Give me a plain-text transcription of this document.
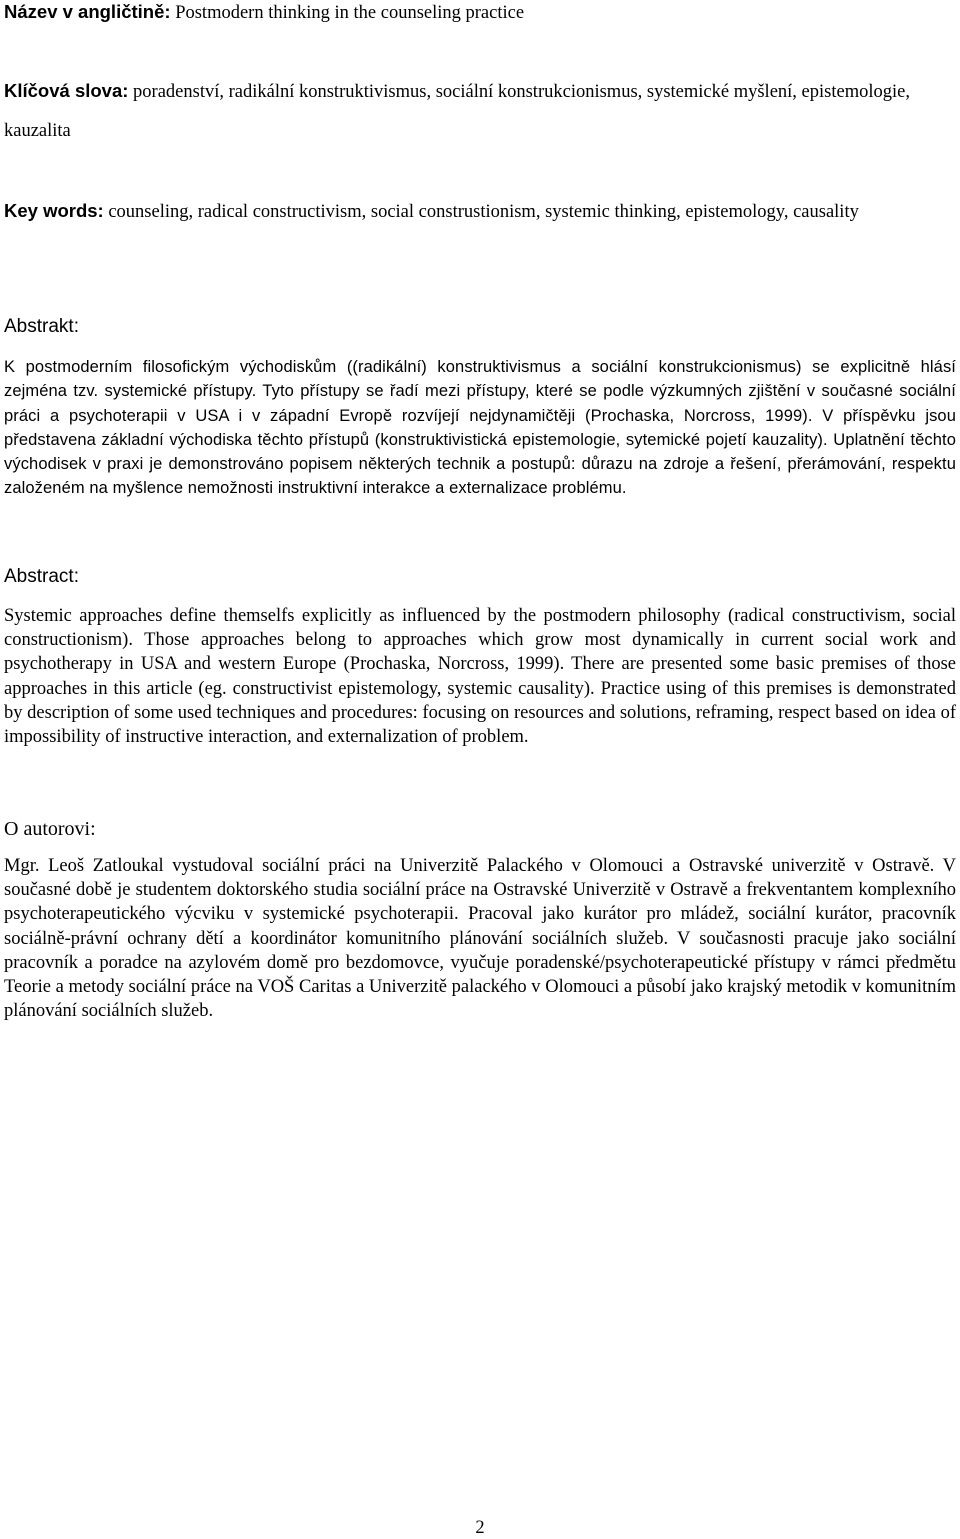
Název v angličtině: Postmodern thinking in the counseling practice

Klíčová slova: poradenství, radikální konstruktivismus, sociální konstrukcionismus, systemické myšlení, epistemologie, kauzalita

Key words: counseling, radical constructivism, social construstionism, systemic thinking, epistemology, causality

Abstrakt:

K postmoderním filosofickým východiskům ((radikální) konstruktivismus a sociální konstrukcionismus) se explicitně hlásí zejména tzv. systemické přístupy. Tyto přístupy se řadí mezi přístupy, které se podle výzkumných zjištění v současné sociální práci a psychoterapii v USA i v západní Evropě rozvíjejí nejdynamičtěji (Prochaska, Norcross, 1999). V příspěvku jsou představena základní východiska těchto přístupů (konstruktivistická epistemologie, sytemické pojetí kauzality). Uplatnění těchto východisek v praxi je demonstrováno popisem některých technik a postupů: důrazu na zdroje a řešení, přerámování, respektu založeném na myšlence nemožnosti instruktivní interakce a externalizace problému.

Abstract:

Systemic approaches define themselfs explicitly as influenced by the postmodern philosophy (radical constructivism, social constructionism). Those approaches belong to approaches which grow most dynamically in current social work and psychotherapy in USA and western Europe (Prochaska, Norcross, 1999). There are presented some basic premises of those approaches in this article (eg. constructivist epistemology, systemic causality). Practice using of this premises is demonstrated by description of some used techniques and procedures: focusing on resources and solutions, reframing, respect based on idea of impossibility of instructive interaction, and externalization of problem.

O autorovi:

Mgr. Leoš Zatloukal vystudoval sociální práci na Univerzitě Palackého v Olomouci a Ostravské univerzitě v Ostravě. V současné době je studentem doktorského studia sociální práce na Ostravské Univerzitě v Ostravě a frekventantem komplexního psychoterapeutického výcviku v systemické psychoterapii. Pracoval jako kurátor pro mládež, sociální kurátor, pracovník sociálně-právní ochrany dětí a koordinátor komunitního plánování sociálních služeb. V současnosti pracuje jako sociální pracovník a poradce na azylovém domě pro bezdomovce, vyučuje poradenské/psychoterapeutické přístupy v rámci předmětu Teorie a metody sociální práce na VOŠ Caritas a Univerzitě palackého v Olomouci a působí jako krajský metodik v komunitním plánování sociálních služeb.

2
